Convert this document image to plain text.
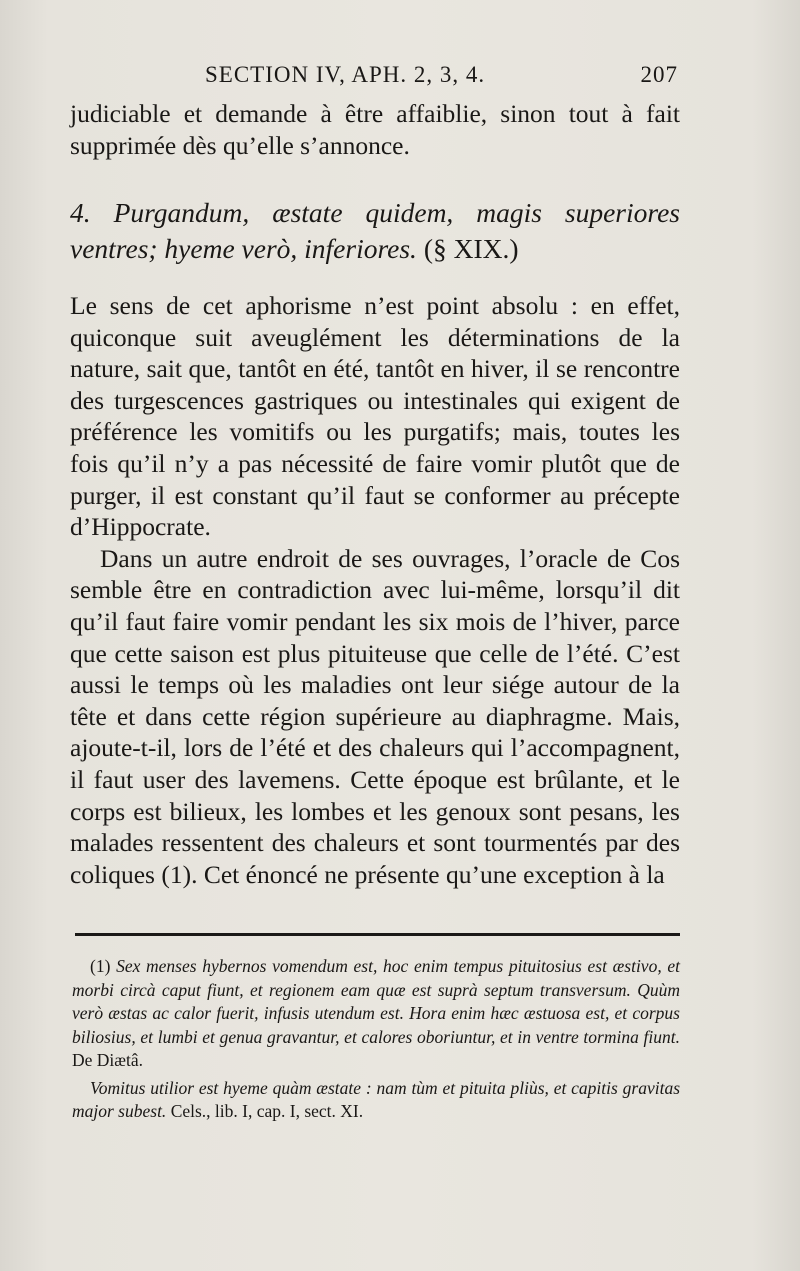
SECTION IV, APH. 2, 3, 4.	207

judiciable et demande à être affaiblie, sinon tout à fait supprimée dès qu’elle s’annonce.

4. Purgandum, æstate quidem, magis superiores ventres; hyeme verò, inferiores. (§ XIX.)

Le sens de cet aphorisme n’est point absolu : en effet, quiconque suit aveuglément les déterminations de la nature, sait que, tantôt en été, tantôt en hiver, il se rencontre des turgescences gastriques ou intestinales qui exigent de préférence les vomitifs ou les purgatifs; mais, toutes les fois qu’il n’y a pas nécessité de faire vomir plutôt que de purger, il est constant qu’il faut se conformer au précepte d’Hippocrate.

Dans un autre endroit de ses ouvrages, l’oracle de Cos semble être en contradiction avec lui-même, lorsqu’il dit qu’il faut faire vomir pendant les six mois de l’hiver, parce que cette saison est plus pituiteuse que celle de l’été. C’est aussi le temps où les maladies ont leur siége autour de la tête et dans cette région supérieure au diaphragme. Mais, ajoute-t-il, lors de l’été et des chaleurs qui l’accompagnent, il faut user des lavemens. Cette époque est brûlante, et le corps est bilieux, les lombes et les genoux sont pesans, les malades ressentent des chaleurs et sont tourmentés par des coliques (1). Cet énoncé ne présente qu’une exception à la

(1) Sex menses hybernos vomendum est, hoc enim tempus pituitosius est æstivo, et morbi circà caput fiunt, et regionem eam quæ est suprà septum transversum. Quùm verò æstas ac calor fuerit, infusis utendum est. Hora enim hæc æstuosa est, et corpus biliosius, et lumbi et genua gravantur, et calores oboriuntur, et in ventre tormina fiunt. De Diætâ.

Vomitus utilior est hyeme quàm æstate : nam tùm et pituita pliùs, et capitis gravitas major subest. Cels., lib. I, cap. I, sect. XI.
